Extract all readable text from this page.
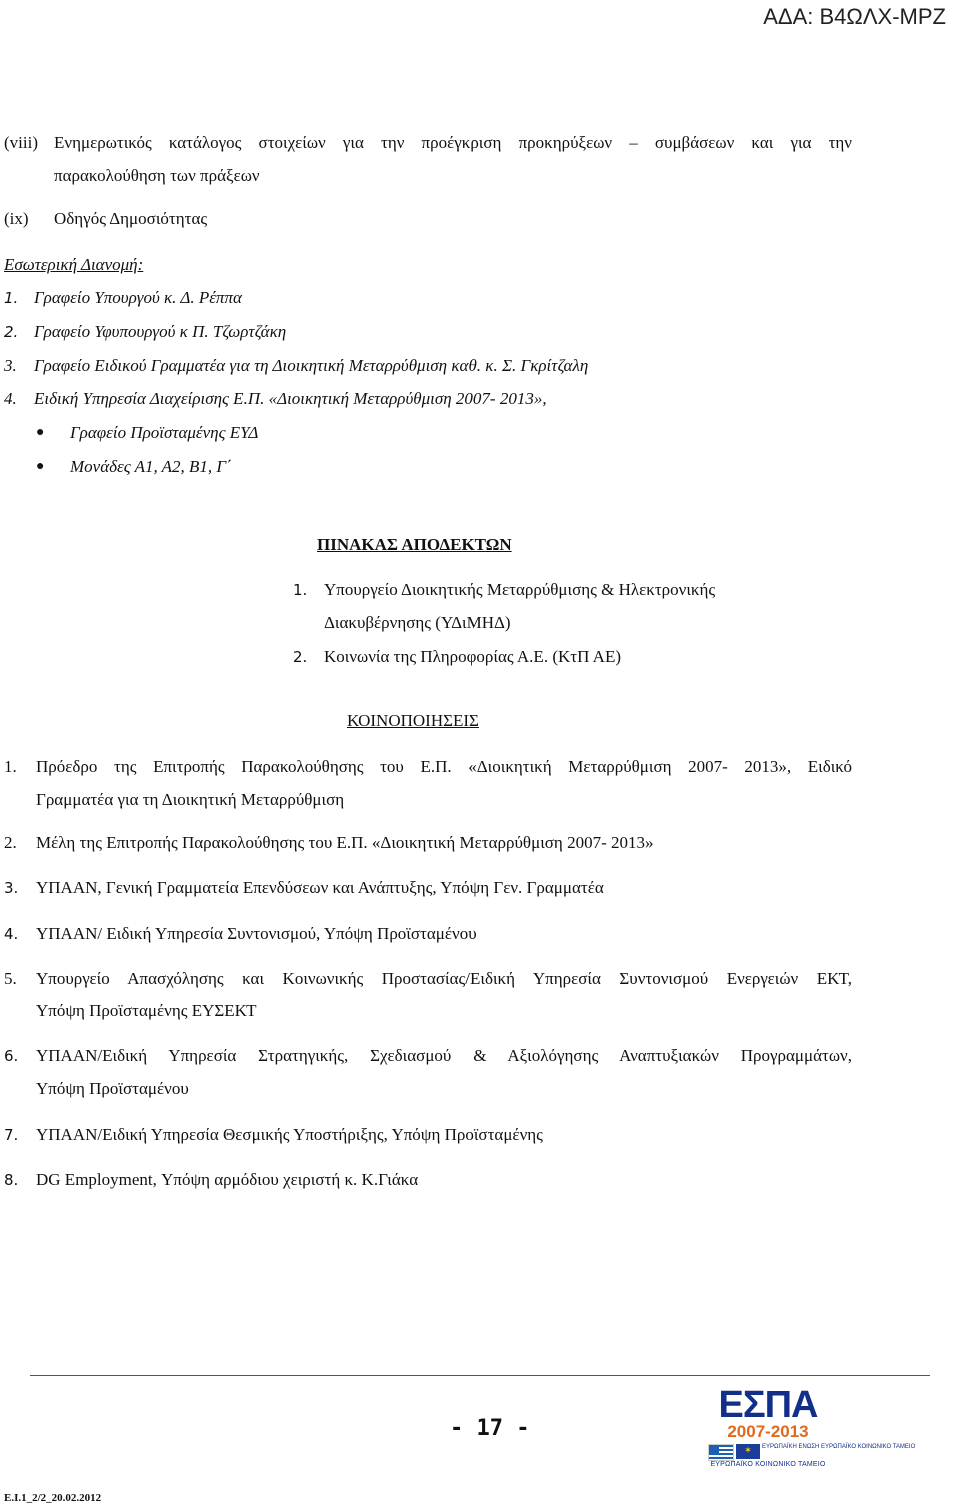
ΑΔΑ: Β4ΩΛΧ-ΜΡΖ
(viii) Ενημερωτικός κατάλογος στοιχείων για την προέγκριση προκηρύξεων – συμβάσεων και για την
παρακολούθηση των πράξεων
(ix) Οδηγός Δημοσιότητας
Εσωτερική Διανομή:
1. Γραφείο Υπουργού κ. Δ. Ρέππα
2. Γραφείο Υφυπουργού κ Π. Τζωρτζάκη
3. Γραφείο Ειδικού Γραμματέα για τη Διοικητική Μεταρρύθμιση καθ. κ. Σ. Γκρίτζαλη
4. Ειδική Υπηρεσία Διαχείρισης Ε.Π. «Διοικητική Μεταρρύθμιση 2007- 2013»,
● Γραφείο Προϊσταμένης ΕΥΔ
● Μονάδες Α1, Α2, Β1, Γ΄
ΠΙΝΑΚΑΣ ΑΠΟΔΕΚΤΩΝ
1. Υπουργείο Διοικητικής Μεταρρύθμισης & Ηλεκτρονικής
Διακυβέρνησης (ΥΔιΜΗΔ)
2. Κοινωνία της Πληροφορίας Α.Ε. (ΚτΠ ΑΕ)
ΚΟΙΝΟΠΟΙΗΣΕΙΣ
1. Πρόεδρο της Επιτροπής Παρακολούθησης του Ε.Π. «Διοικητική Μεταρρύθμιση 2007- 2013», Ειδικό
Γραμματέα για τη Διοικητική Μεταρρύθμιση
2. Μέλη της Επιτροπής Παρακολούθησης του Ε.Π. «Διοικητική Μεταρρύθμιση 2007- 2013»
3. ΥΠΑΑΝ, Γενική Γραμματεία Επενδύσεων και Ανάπτυξης, Υπόψη Γεν. Γραμματέα
4. ΥΠΑΑΝ/ Ειδική Υπηρεσία Συντονισμού, Υπόψη Προϊσταμένου
5. Υπουργείο Απασχόλησης και Κοινωνικής Προστασίας/Ειδική Υπηρεσία Συντονισμού Ενεργειών ΕΚΤ,
Υπόψη Προϊσταμένης ΕΥΣΕΚΤ
6. ΥΠΑΑΝ/Ειδική Υπηρεσία Στρατηγικής, Σχεδιασμού & Αξιολόγησης Αναπτυξιακών Προγραμμάτων,
Υπόψη Προϊσταμένου
7. ΥΠΑΑΝ/Ειδική Υπηρεσία Θεσμικής Υποστήριξης, Υπόψη Προϊσταμένης
8. DG Employment, Υπόψη αρμόδιου χειριστή κ. Κ.Γιάκα
- 17 -
ΕΣΠΑ
2007-2013
✶	ΕΥΡΩΠΑΪΚΗ ΕΝΩΣΗ ΕΥΡΩΠΑΪΚΟ ΚΟΙΝΩΝΙΚΟ ΤΑΜΕΙΟ
ΕΥΡΩΠΑΪΚΟ ΚΟΙΝΩΝΙΚΟ ΤΑΜΕΙΟ
Ε.Ι.1_2/2_20.02.2012
